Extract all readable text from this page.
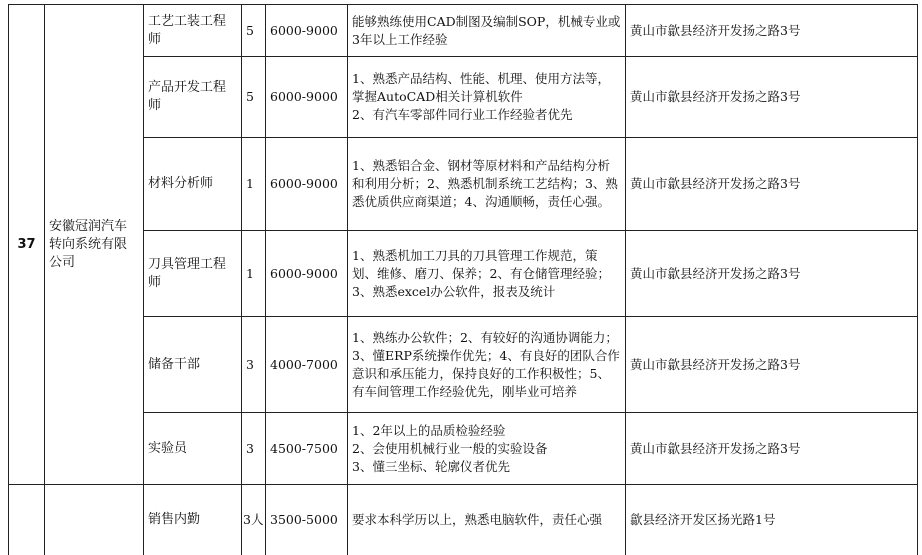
37	安徽冠润汽车转向系统有限公司	工艺工装工程师	5	6000-9000	能够熟练使用CAD制图及编制SOP，机械专业或3年以上工作经验	黄山市歙县经济开发扬之路3号
		产品开发工程师	5	6000-9000	1、熟悉产品结构、性能、机理、使用方法等，掌握AutoCAD相关计算机软件
2、有汽车零部件同行业工作经验者优先	黄山市歙县经济开发扬之路3号
		材料分析师	1	6000-9000	1、熟悉铝合金、钢材等原材料和产品结构分析和利用分析；2、熟悉机制系统工艺结构；3、熟悉优质供应商渠道；4、沟通顺畅，责任心强。	黄山市歙县经济开发扬之路3号
		刀具管理工程师	1	6000-9000	1、熟悉机加工刀具的刀具管理工作规范，策划、维修、磨刀、保养；2、有仓储管理经验；3、熟悉excel办公软件，报表及统计	黄山市歙县经济开发扬之路3号
		储备干部	3	4000-7000	1、熟练办公软件；2、有较好的沟通协调能力；3、懂ERP系统操作优先；4、有良好的团队合作意识和承压能力，保持良好的工作积极性；5、有车间管理工作经验优先，刚毕业可培养	黄山市歙县经济开发扬之路3号
		实验员	3	4500-7500	1、2年以上的品质检验经验
2、会使用机械行业一般的实验设备
3、懂三坐标、轮廓仪者优先	黄山市歙县经济开发扬之路3号
		销售内勤	3人	3500-5000	要求本科学历以上，熟悉电脑软件，责任心强	歙县经济开发区扬光路1号
